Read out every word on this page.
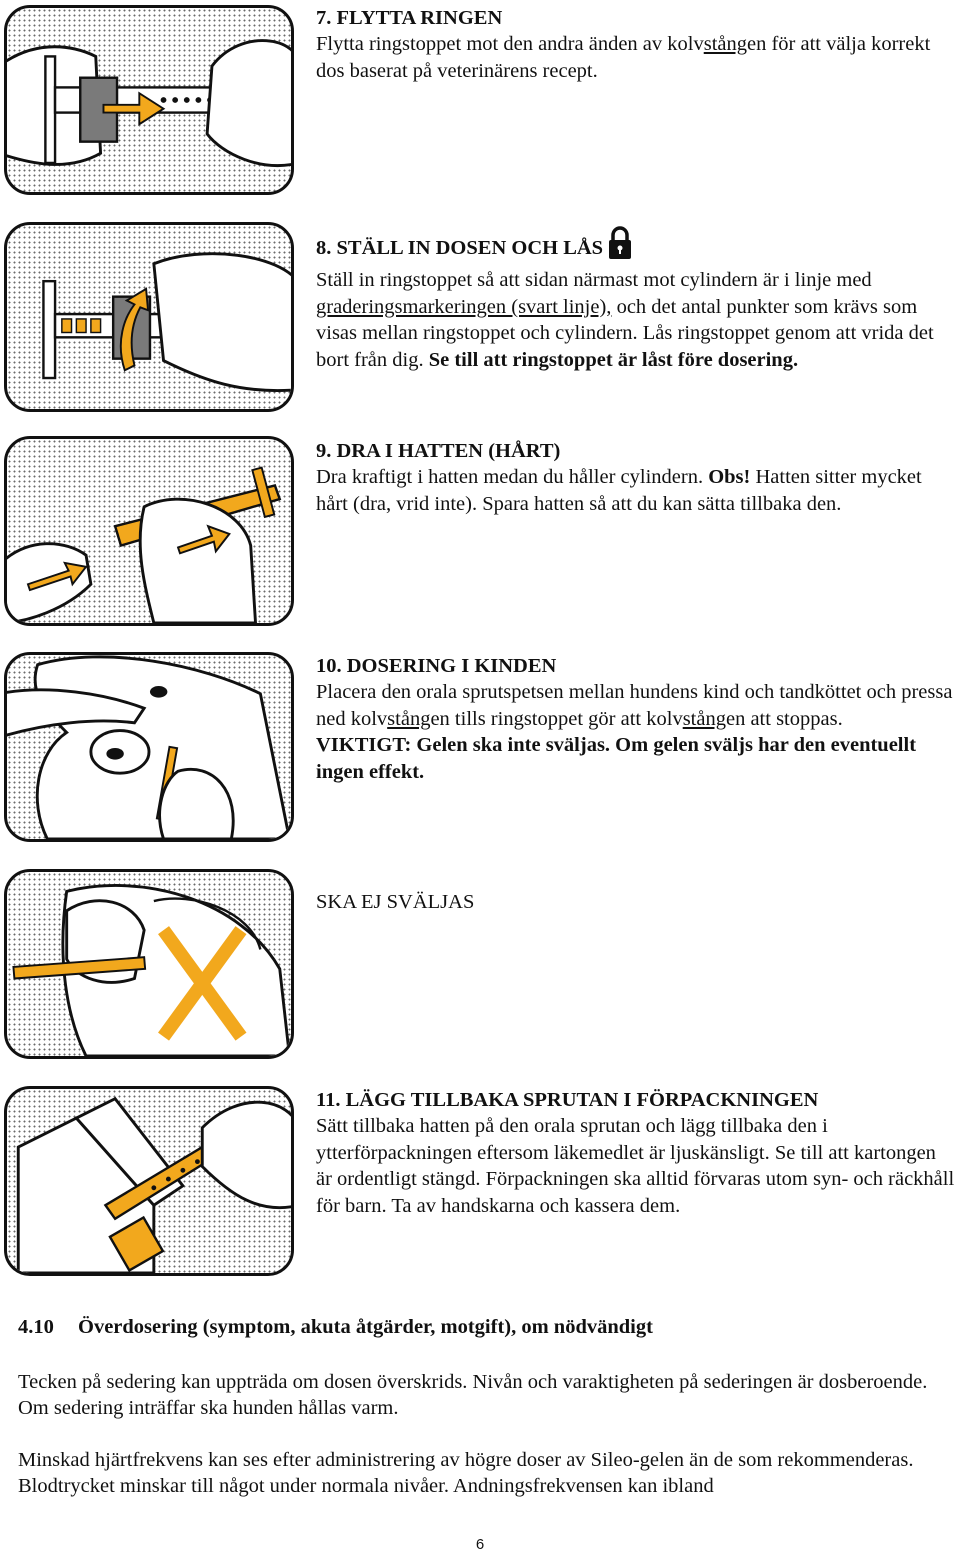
7. FLYTTA RINGEN

Flytta ringstoppet mot den andra änden av kolvstången för att välja korrekt dos baserat på veterinärens recept.

8. STÄLL IN DOSEN OCH LÅS

Ställ in ringstoppet så att sidan närmast mot cylindern är i linje med graderingsmarkeringen (svart linje), och det antal punkter som krävs som visas mellan ringstoppet och cylindern. Lås ringstoppet genom att vrida det bort från dig. Se till att ringstoppet är låst före dosering.

9. DRA I HATTEN (HÅRT)

Dra kraftigt i hatten medan du håller cylindern. Obs! Hatten sitter mycket hårt (dra, vrid inte). Spara hatten så att du kan sätta tillbaka den.

10. DOSERING I KINDEN

Placera den orala sprutspetsen mellan hundens kind och tandköttet och pressa ned kolvstången tills ringstoppet gör att kolvstången att stoppas.

VIKTIGT: Gelen ska inte sväljas. Om gelen sväljs har den eventuellt ingen effekt.

SKA EJ SVÄLJAS
11. LÄGG TILLBAKA SPRUTAN I FÖRPACKNINGEN

Sätt tillbaka hatten på den orala sprutan och lägg tillbaka den i ytterförpackningen eftersom läkemedlet är ljuskänsligt. Se till att kartongen är ordentligt stängd. Förpackningen ska alltid förvaras utom syn- och räckhåll för barn. Ta av handskarna och kassera dem.

4.10 Överdosering (symptom, akuta åtgärder, motgift), om nödvändigt

Tecken på sedering kan uppträda om dosen överskrids. Nivån och varaktigheten på sederingen är dosberoende. Om sedering inträffar ska hunden hållas varm.

Minskad hjärtfrekvens kan ses efter administrering av högre doser av Sileo-gelen än de som rekommenderas. Blodtrycket minskar till något under normala nivåer. Andningsfrekvensen kan ibland

6
